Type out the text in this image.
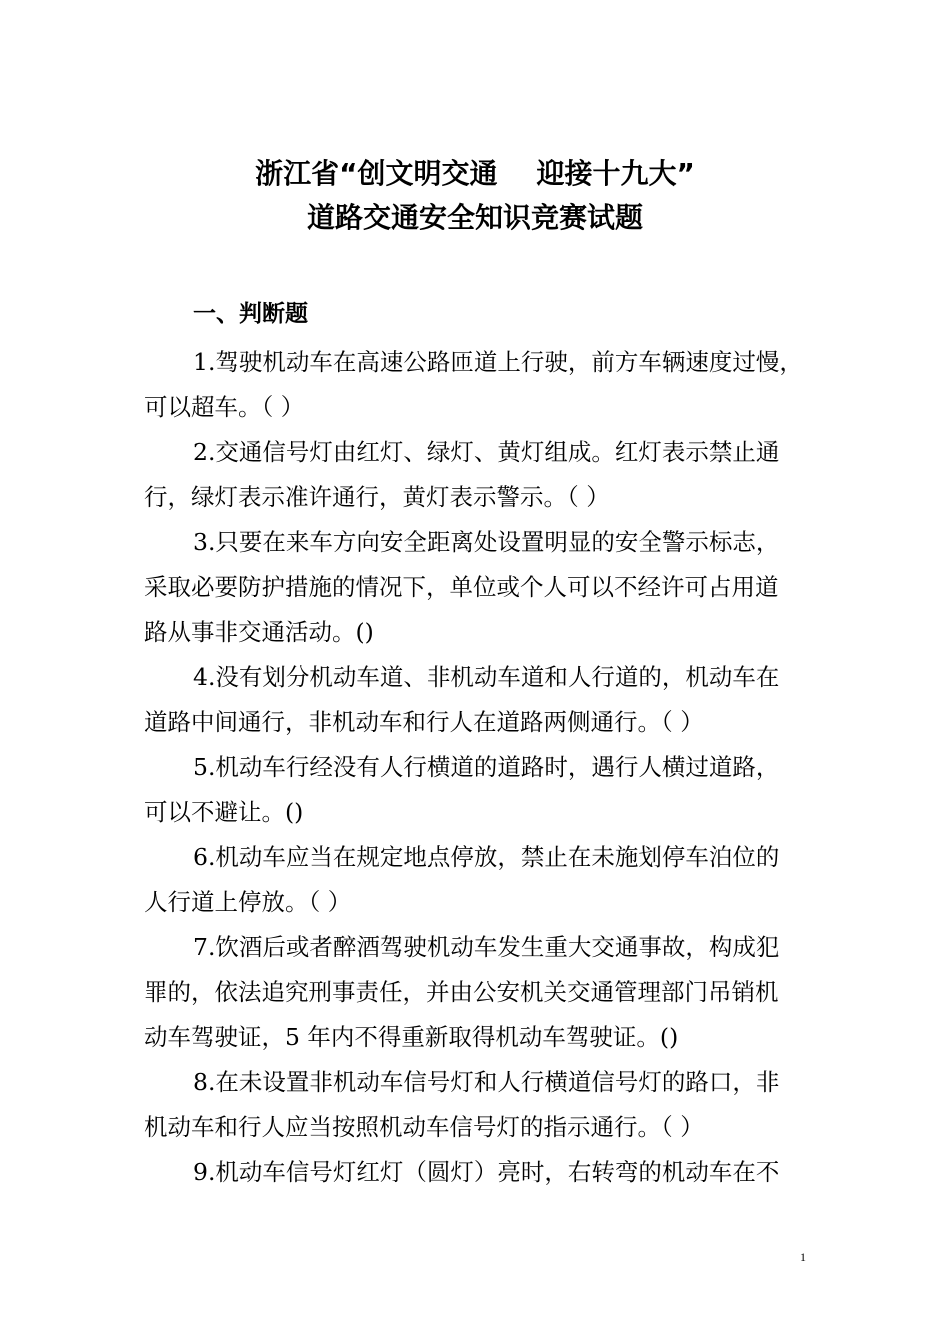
浙江省“创文明交通    迎接十九大”
道路交通安全知识竞赛试题
一、判断题
1.驾驶机动车在高速公路匝道上行驶，前方车辆速度过慢，
可以超车。（ ）
2.交通信号灯由红灯、绿灯、黄灯组成。红灯表示禁止通
行，绿灯表示准许通行，黄灯表示警示。（ ）
3.只要在来车方向安全距离处设置明显的安全警示标志，
采取必要防护措施的情况下，单位或个人可以不经许可占用道
路从事非交通活动。()
4.没有划分机动车道、非机动车道和人行道的，机动车在
道路中间通行，非机动车和行人在道路两侧通行。（ ）
5.机动车行经没有人行横道的道路时，遇行人横过道路，
可以不避让。()
6.机动车应当在规定地点停放，禁止在未施划停车泊位的
人行道上停放。（ ）
7.饮酒后或者醉酒驾驶机动车发生重大交通事故，构成犯
罪的，依法追究刑事责任，并由公安机关交通管理部门吊销机
动车驾驶证，5 年内不得重新取得机动车驾驶证。()
8.在未设置非机动车信号灯和人行横道信号灯的路口，非
机动车和行人应当按照机动车信号灯的指示通行。（ ）
9.机动车信号灯红灯（圆灯）亮时，右转弯的机动车在不
1
